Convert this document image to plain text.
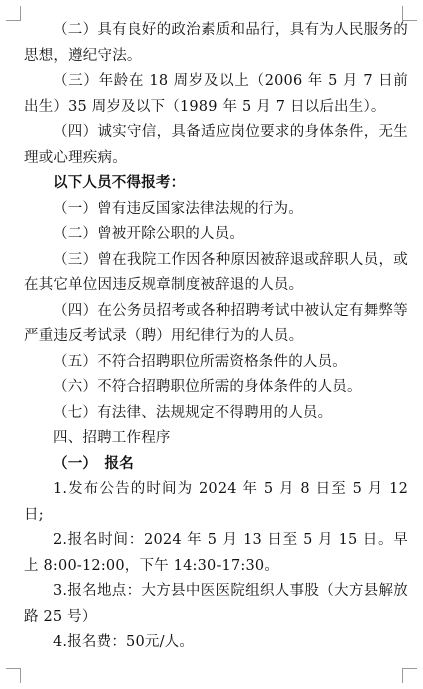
（二）具有良好的政治素质和品行，具有为人民服务的思想，遵纪守法。

（三）年龄在 18 周岁及以上（2006 年 5 月 7 日前出生）35 周岁及以下（1989 年 5 月 7 日以后出生）。

（四）诚实守信，具备适应岗位要求的身体条件，无生理或心理疾病。

以下人员不得报考：

（一）曾有违反国家法律法规的行为。

（二）曾被开除公职的人员。

（三）曾在我院工作因各种原因被辞退或辞职人员，或在其它单位因违反规章制度被辞退的人员。

（四）在公务员招考或各种招聘考试中被认定有舞弊等严重违反考试录（聘）用纪律行为的人员。

（五）不符合招聘职位所需资格条件的人员。

（六）不符合招聘职位所需的身体条件的人员。

（七）有法律、法规规定不得聘用的人员。

四、招聘工作程序

（一）　报名

1.发布公告的时间为 2024 年 5 月 8 日至 5 月 12 日;

2.报名时间：2024 年 5 月 13 日至 5 月 15 日。早上 8:00-12:00，下午 14:30-17:30。

3.报名地点：大方县中医医院组织人事股（大方县解放路 25 号）

4.报名费：50元/人。
